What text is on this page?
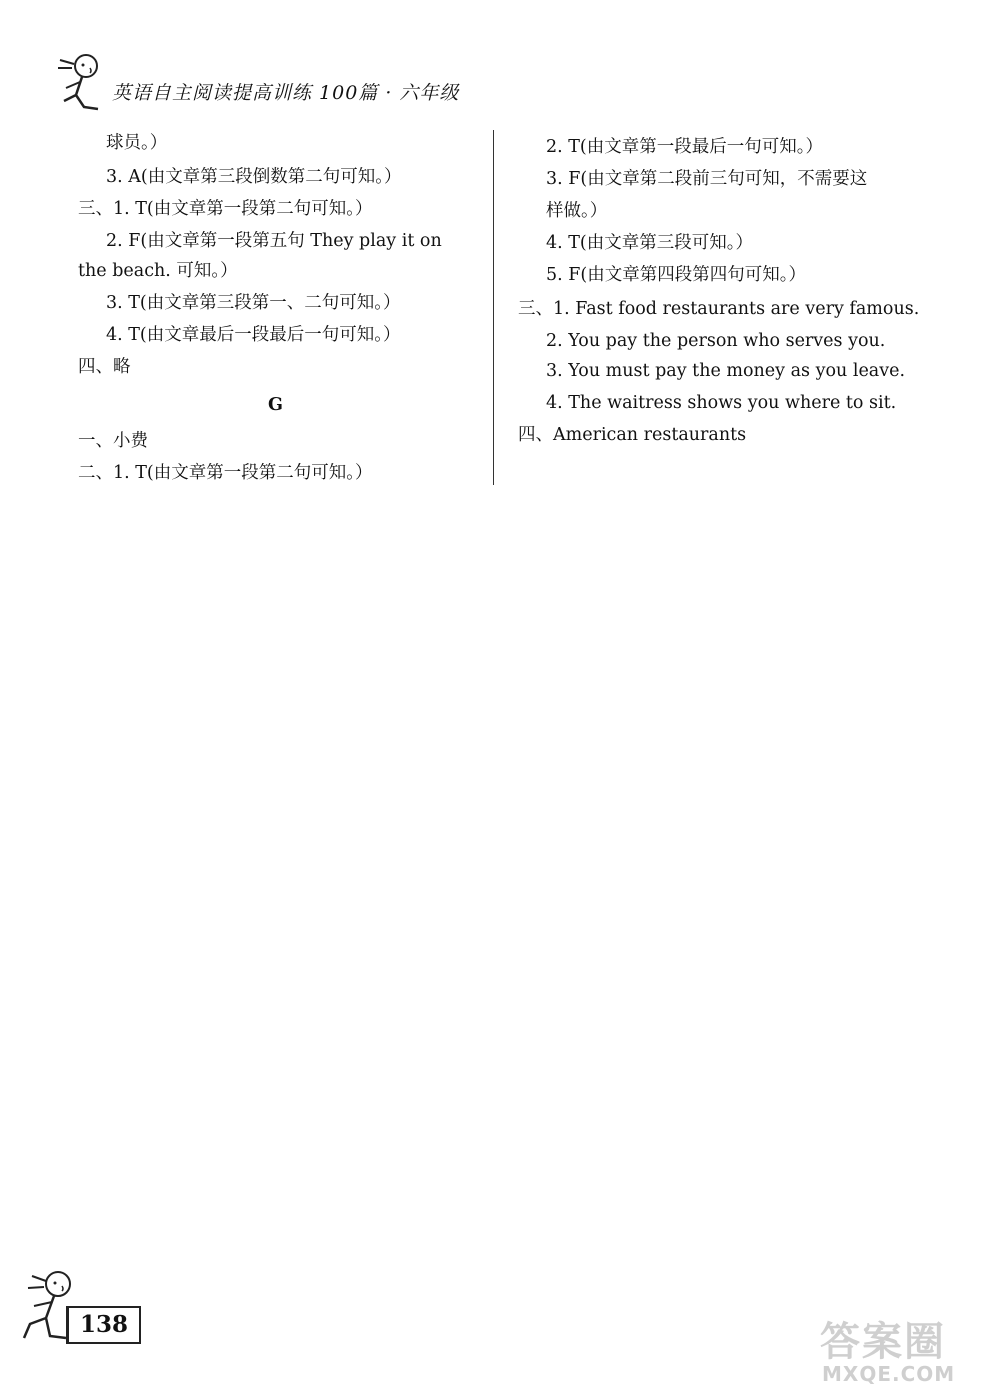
英语自主阅读提高训练 100篇 · 六年级
球员。）
3. A(由文章第三段倒数第二句可知。）
三、1. T(由文章第一段第二句可知。）
2. F(由文章第一段第五句 They play it on
the beach. 可知。）
3. T(由文章第三段第一、二句可知。）
4. T(由文章最后一段最后一句可知。）
四、略
G
一、小费
二、1. T(由文章第一段第二句可知。）
2. T(由文章第一段最后一句可知。）
3. F(由文章第二段前三句可知，不需要这
样做。）
4. T(由文章第三段可知。）
5. F(由文章第四段第四句可知。）
三、1. Fast food restaurants are very famous.
2. You pay the person who serves you.
3. You must pay the money as you leave.
4. The waitress shows you where to sit.
四、American restaurants
138	答案圈
MXQE.COM
